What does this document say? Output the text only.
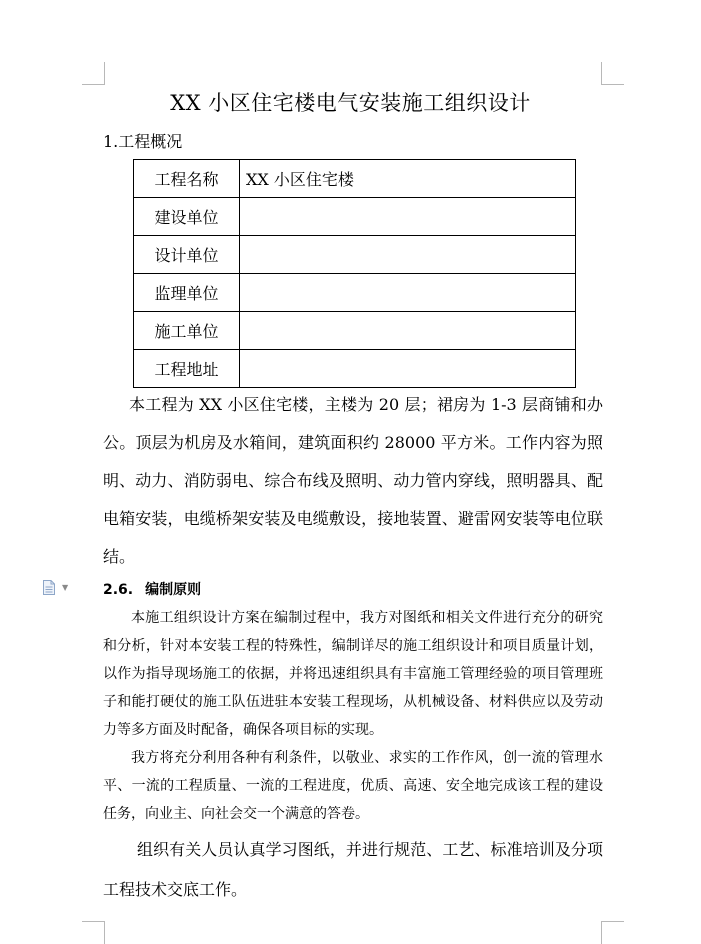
XX 小区住宅楼电气安装施工组织设计
1.工程概况
工程名称	XX 小区住宅楼
建设单位	
设计单位	
监理单位	
施工单位	
工程地址	
本工程为 XX 小区住宅楼，主楼为 20 层；裙房为 1-3 层商铺和办公。顶层为机房及水箱间，建筑面积约 28000 平方米。工作内容为照明、动力、消防弱电、综合布线及照明、动力管内穿线，照明器具、配电箱安装，电缆桥架安装及电缆敷设，接地装置、避雷网安装等电位联结。
▼ 2.6. 编制原则
本施工组织设计方案在编制过程中，我方对图纸和相关文件进行充分的研究和分析，针对本安装工程的特殊性，编制详尽的施工组织设计和项目质量计划，以作为指导现场施工的依据，并将迅速组织具有丰富施工管理经验的项目管理班子和能打硬仗的施工队伍进驻本安装工程现场，从机械设备、材料供应以及劳动力等多方面及时配备，确保各项目标的实现。
我方将充分利用各种有利条件，以敬业、求实的工作作风，创一流的管理水平、一流的工程质量、一流的工程进度，优质、高速、安全地完成该工程的建设任务，向业主、向社会交一个满意的答卷。
组织有关人员认真学习图纸，并进行规范、工艺、标准培训及分项工程技术交底工作。
